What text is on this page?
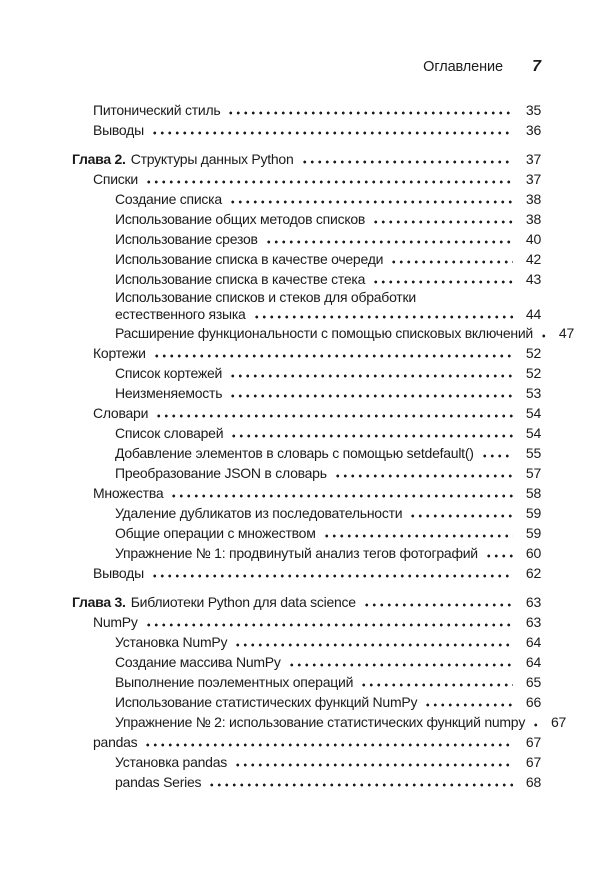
Оглавление	7
Питонический стиль	35
Выводы	36
Глава 2. Структуры данных Python	37
Списки	37
Создание списка	38
Использование общих методов списков	38
Использование срезов	40
Использование списка в качестве очереди	42
Использование списка в качестве стека	43
Использование списков и стеков для обработки
естественного языка	44
Расширение функциональности с помощью списковых включений	47
Кортежи	52
Список кортежей	52
Неизменяемость	53
Словари	54
Список словарей	54
Добавление элементов в словарь с помощью setdefault()	55
Преобразование JSON в словарь	57
Множества	58
Удаление дубликатов из последовательности	59
Общие операции с множеством	59
Упражнение № 1: продвинутый анализ тегов фотографий	60
Выводы	62
Глава 3. Библиотеки Python для data science	63
NumPy	63
Установка NumPy	64
Создание массива NumPy	64
Выполнение поэлементных операций	65
Использование статистических функций NumPy	66
Упражнение № 2: использование статистических функций numpy	67
pandas	67
Установка pandas	67
pandas Series	68
